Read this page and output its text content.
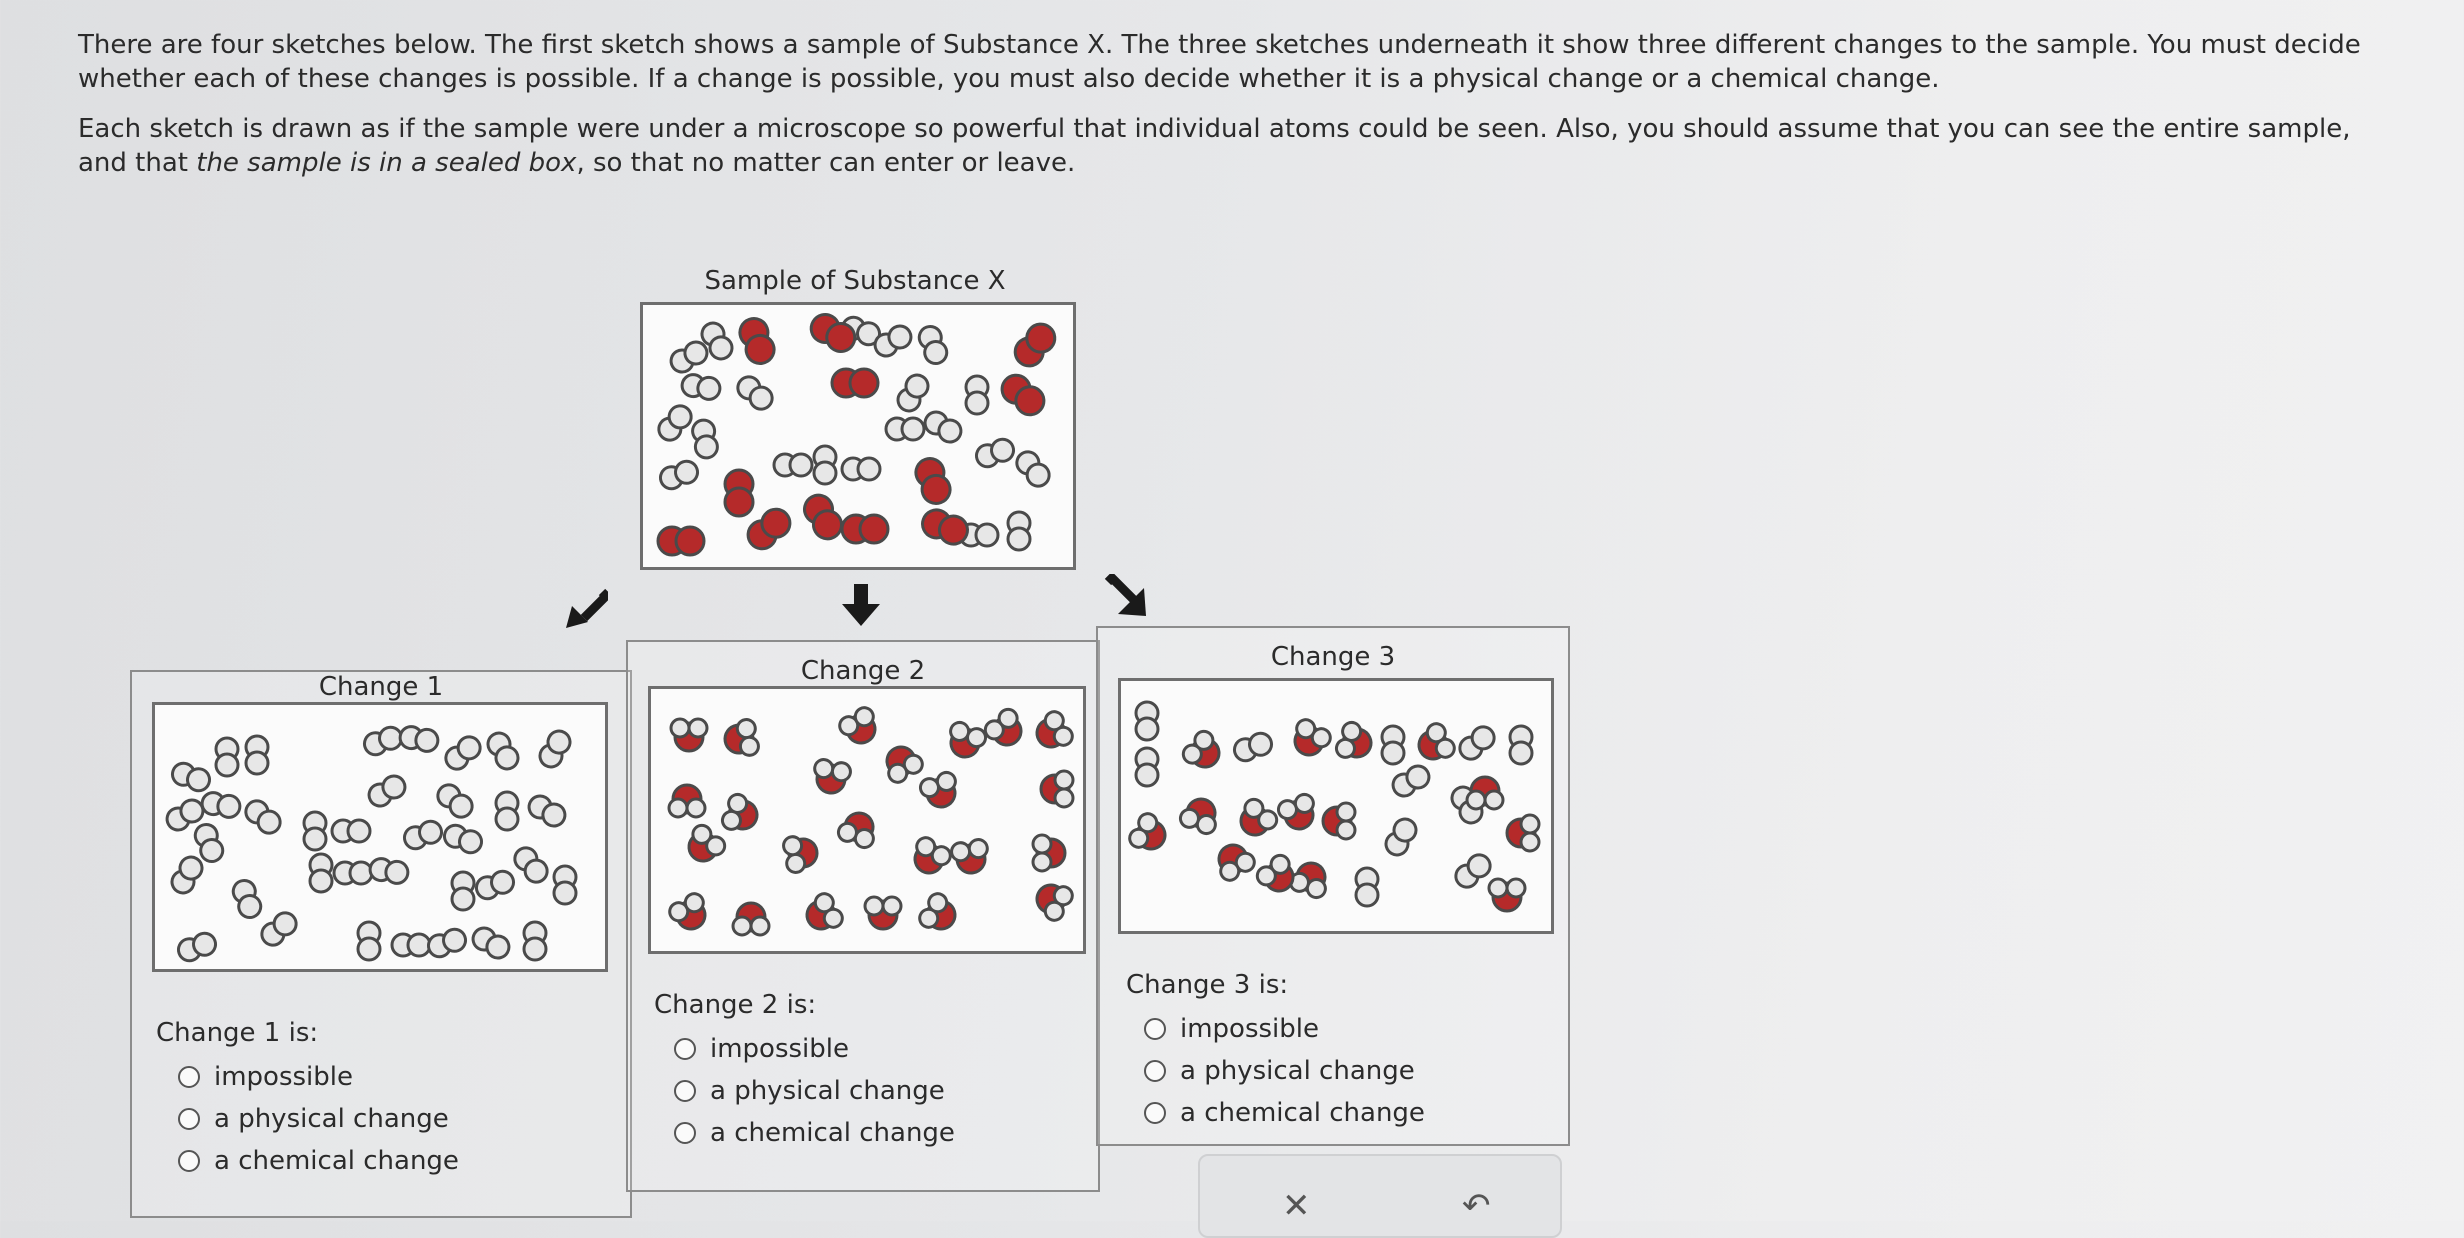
There are four sketches below. The first sketch shows a sample of Substance X. The three sketches underneath it show three different changes to the sample. You must decide whether each of these changes is possible. If a change is possible, you must also decide whether it is a physical change or a chemical change.

Each sketch is drawn as if the sample were under a microscope so powerful that individual atoms could be seen. Also, you should assume that you can see the entire sample, and that the sample is in a sealed box, so that no matter can enter or leave.

Sample of Substance X
Change 1
Change 1 is:
impossible
a physical change
a chemical change
Change 2
Change 2 is:
impossible
a physical change
a chemical change
Change 3
Change 3 is:
impossible
a physical change
a chemical change
✕	↶
